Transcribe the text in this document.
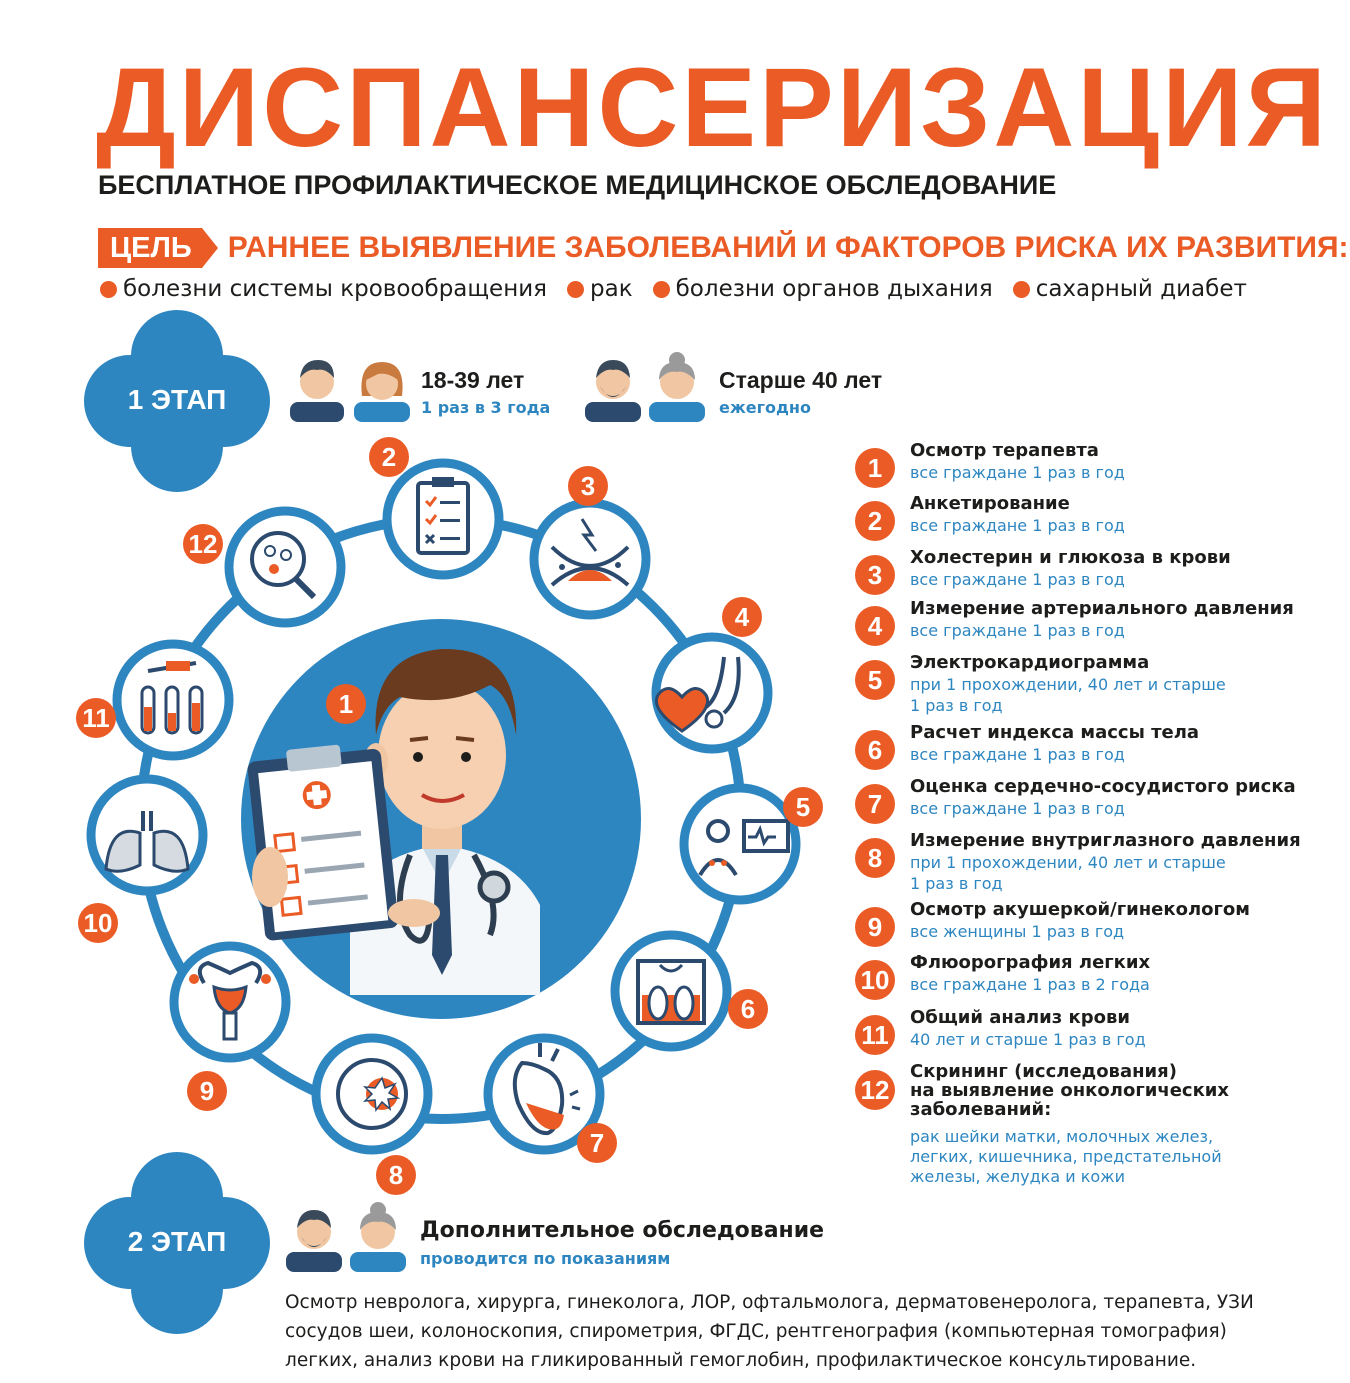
ДИСПАНСЕРИЗАЦИЯ
БЕСПЛАТНОЕ ПРОФИЛАКТИЧЕСКОЕ МЕДИЦИНСКОЕ ОБСЛЕДОВАНИЕ
ЦЕЛЬ	РАННЕЕ ВЫЯВЛЕНИЕ ЗАБОЛЕВАНИЙ И ФАКТОРОВ РИСКА ИХ РАЗВИТИЯ:
болезни системы кровообращения рак болезни органов дыхания сахарный диабет
1 ЭТАП
18-39 лет
1 раз в 3 года
Старше 40 лет
ежегодно
1
2
3
4
5
6
7
8
9
10
11
12
1
Осмотр терапевта
все граждане 1 раз в год
2
Анкетирование
все граждане 1 раз в год
3
Холестерин и глюкоза в крови
все граждане 1 раз в год
4
Измерение артериального давления
все граждане 1 раз в год
5
Электрокардиограмма
при 1 прохождении, 40 лет и старше
1 раз в год
6
Расчет индекса массы тела
все граждане 1 раз в год
7
Оценка сердечно-сосудистого риска
все граждане 1 раз в год
8
Измерение внутриглазного давления
при 1 прохождении, 40 лет и старше
1 раз в год
9
Осмотр акушеркой/гинекологом
все женщины 1 раз в год
10
Флюорография легких
все граждане 1 раз в 2 года
11
Общий анализ крови
40 лет и старше 1 раз в год
12
Скрининг (исследования)
на выявление онкологических
заболеваний:
рак шейки матки, молочных желез,
легких, кишечника, предстательной
железы, желудка и кожи
2 ЭТАП	Дополнительное обследование
проводится по показаниям
Осмотр невролога, хирурга, гинеколога, ЛОР, офтальмолога, дерматовенеролога, терапевта, УЗИ сосудов шеи, колоноскопия, спирометрия, ФГДС, рентгенография (компьютерная томография) легких, анализ крови на гликированный гемоглобин, профилактическое консультирование.
